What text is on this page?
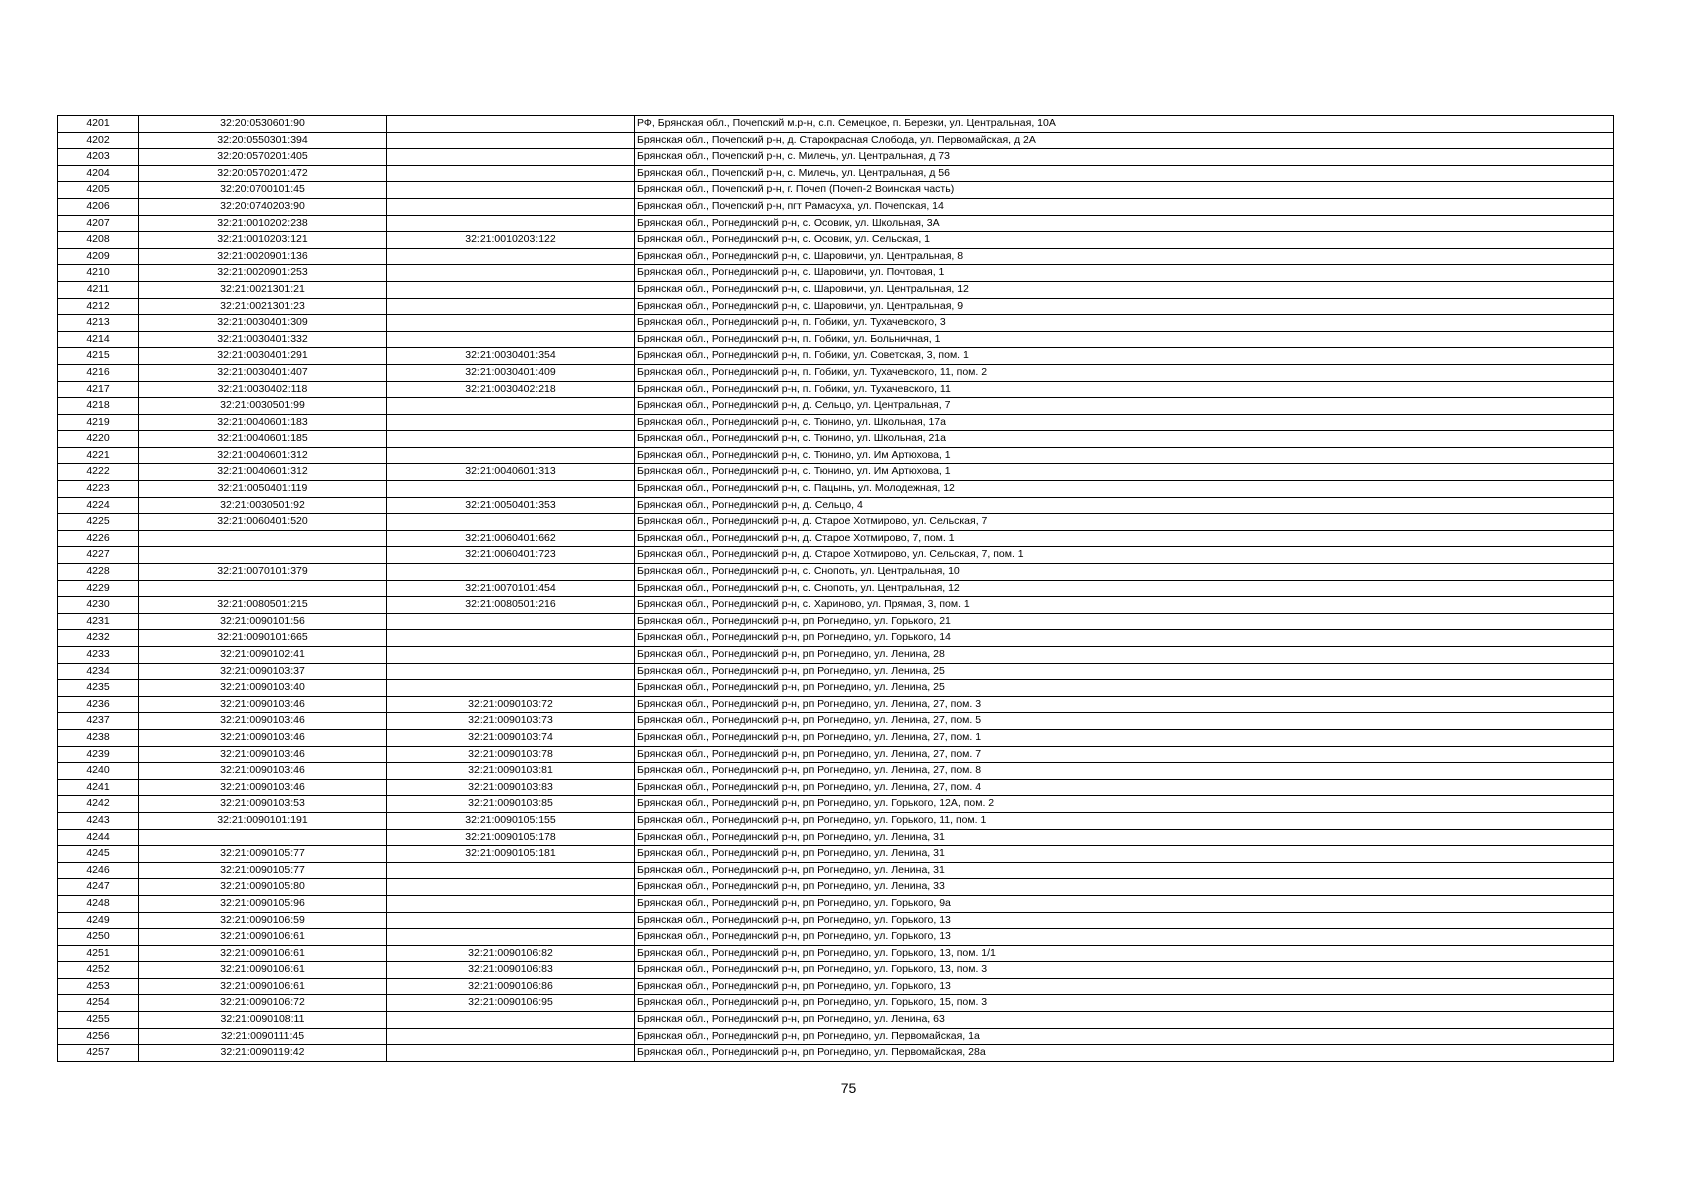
4201	32:20:0530601:90		РФ, Брянская обл., Почепский м.р-н, с.п. Семецкое, п. Березки, ул. Центральная, 10А
4202	32:20:0550301:394		Брянская обл., Почепский р-н, д. Старокрасная Слобода, ул. Первомайская, д 2А
4203	32:20:0570201:405		Брянская обл., Почепский р-н, с. Милечь, ул. Центральная, д 73
4204	32:20:0570201:472		Брянская обл., Почепский р-н, с. Милечь, ул. Центральная, д 56
4205	32:20:0700101:45		Брянская обл., Почепский р-н, г. Почеп (Почеп-2 Воинская часть)
4206	32:20:0740203:90		Брянская обл., Почепский р-н, пгт Рамасуха, ул. Почепская, 14
4207	32:21:0010202:238		Брянская обл., Рогнединский р-н, с. Осовик, ул. Школьная, 3А
4208	32:21:0010203:121	32:21:0010203:122	Брянская обл., Рогнединский р-н, с. Осовик, ул. Сельская, 1
4209	32:21:0020901:136		Брянская обл., Рогнединский р-н, с. Шаровичи, ул. Центральная, 8
4210	32:21:0020901:253		Брянская обл., Рогнединский р-н, с. Шаровичи, ул. Почтовая, 1
4211	32:21:0021301:21		Брянская обл., Рогнединский р-н, с. Шаровичи, ул. Центральная, 12
4212	32:21:0021301:23		Брянская обл., Рогнединский р-н, с. Шаровичи, ул. Центральная, 9
4213	32:21:0030401:309		Брянская обл., Рогнединский р-н, п. Гобики, ул. Тухачевского, 3
4214	32:21:0030401:332		Брянская обл., Рогнединский р-н, п. Гобики, ул. Больничная, 1
4215	32:21:0030401:291	32:21:0030401:354	Брянская обл., Рогнединский р-н, п. Гобики, ул. Советская, 3, пом. 1
4216	32:21:0030401:407	32:21:0030401:409	Брянская обл., Рогнединский р-н, п. Гобики, ул. Тухачевского, 11, пом. 2
4217	32:21:0030402:118	32:21:0030402:218	Брянская обл., Рогнединский р-н, п. Гобики, ул. Тухачевского, 11
4218	32:21:0030501:99		Брянская обл., Рогнединский р-н, д. Сельцо, ул. Центральная, 7
4219	32:21:0040601:183		Брянская обл., Рогнединский р-н, с. Тюнино, ул. Школьная, 17а
4220	32:21:0040601:185		Брянская обл., Рогнединский р-н, с. Тюнино, ул. Школьная, 21а
4221	32:21:0040601:312		Брянская обл., Рогнединский р-н, с. Тюнино, ул. Им Артюхова, 1
4222	32:21:0040601:312	32:21:0040601:313	Брянская обл., Рогнединский р-н, с. Тюнино, ул. Им Артюхова, 1
4223	32:21:0050401:119		Брянская обл., Рогнединский р-н, с. Пацынь, ул. Молодежная, 12
4224	32:21:0030501:92	32:21:0050401:353	Брянская обл., Рогнединский р-н, д. Сельцо, 4
4225	32:21:0060401:520		Брянская обл., Рогнединский р-н, д. Старое Хотмирово, ул. Сельская, 7
4226		32:21:0060401:662	Брянская обл., Рогнединский р-н, д. Старое Хотмирово, 7, пом. 1
4227		32:21:0060401:723	Брянская обл., Рогнединский р-н, д. Старое Хотмирово, ул. Сельская, 7, пом. 1
4228	32:21:0070101:379		Брянская обл., Рогнединский р-н, с. Снопоть, ул. Центральная, 10
4229		32:21:0070101:454	Брянская обл., Рогнединский р-н, с. Снопоть, ул. Центральная, 12
4230	32:21:0080501:215	32:21:0080501:216	Брянская обл., Рогнединский р-н, с. Хариново, ул. Прямая, 3, пом. 1
4231	32:21:0090101:56		Брянская обл., Рогнединский р-н, рп Рогнедино, ул. Горького, 21
4232	32:21:0090101:665		Брянская обл., Рогнединский р-н, рп Рогнедино, ул. Горького, 14
4233	32:21:0090102:41		Брянская обл., Рогнединский р-н, рп Рогнедино, ул. Ленина, 28
4234	32:21:0090103:37		Брянская обл., Рогнединский р-н, рп Рогнедино, ул. Ленина, 25
4235	32:21:0090103:40		Брянская обл., Рогнединский р-н, рп Рогнедино, ул. Ленина, 25
4236	32:21:0090103:46	32:21:0090103:72	Брянская обл., Рогнединский р-н, рп Рогнедино, ул. Ленина, 27, пом. 3
4237	32:21:0090103:46	32:21:0090103:73	Брянская обл., Рогнединский р-н, рп Рогнедино, ул. Ленина, 27, пом. 5
4238	32:21:0090103:46	32:21:0090103:74	Брянская обл., Рогнединский р-н, рп Рогнедино, ул. Ленина, 27, пом. 1
4239	32:21:0090103:46	32:21:0090103:78	Брянская обл., Рогнединский р-н, рп Рогнедино, ул. Ленина, 27, пом. 7
4240	32:21:0090103:46	32:21:0090103:81	Брянская обл., Рогнединский р-н, рп Рогнедино, ул. Ленина, 27, пом. 8
4241	32:21:0090103:46	32:21:0090103:83	Брянская обл., Рогнединский р-н, рп Рогнедино, ул. Ленина, 27, пом. 4
4242	32:21:0090103:53	32:21:0090103:85	Брянская обл., Рогнединский р-н, рп Рогнедино, ул. Горького, 12А, пом. 2
4243	32:21:0090101:191	32:21:0090105:155	Брянская обл., Рогнединский р-н, рп Рогнедино, ул. Горького, 11, пом. 1
4244		32:21:0090105:178	Брянская обл., Рогнединский р-н, рп Рогнедино, ул. Ленина, 31
4245	32:21:0090105:77	32:21:0090105:181	Брянская обл., Рогнединский р-н, рп Рогнедино, ул. Ленина, 31
4246	32:21:0090105:77		Брянская обл., Рогнединский р-н, рп Рогнедино, ул. Ленина, 31
4247	32:21:0090105:80		Брянская обл., Рогнединский р-н, рп Рогнедино, ул. Ленина, 33
4248	32:21:0090105:96		Брянская обл., Рогнединский р-н, рп Рогнедино, ул. Горького, 9а
4249	32:21:0090106:59		Брянская обл., Рогнединский р-н, рп Рогнедино, ул. Горького, 13
4250	32:21:0090106:61		Брянская обл., Рогнединский р-н, рп Рогнедино, ул. Горького, 13
4251	32:21:0090106:61	32:21:0090106:82	Брянская обл., Рогнединский р-н, рп Рогнедино, ул. Горького, 13, пом. 1/1
4252	32:21:0090106:61	32:21:0090106:83	Брянская обл., Рогнединский р-н, рп Рогнедино, ул. Горького, 13, пом. 3
4253	32:21:0090106:61	32:21:0090106:86	Брянская обл., Рогнединский р-н, рп Рогнедино, ул. Горького, 13
4254	32:21:0090106:72	32:21:0090106:95	Брянская обл., Рогнединский р-н, рп Рогнедино, ул. Горького, 15, пом. 3
4255	32:21:0090108:11		Брянская обл., Рогнединский р-н, рп Рогнедино, ул. Ленина, 63
4256	32:21:0090111:45		Брянская обл., Рогнединский р-н, рп Рогнедино, ул. Первомайская, 1а
4257	32:21:0090119:42		Брянская обл., Рогнединский р-н, рп Рогнедино, ул. Первомайская, 28а
75
